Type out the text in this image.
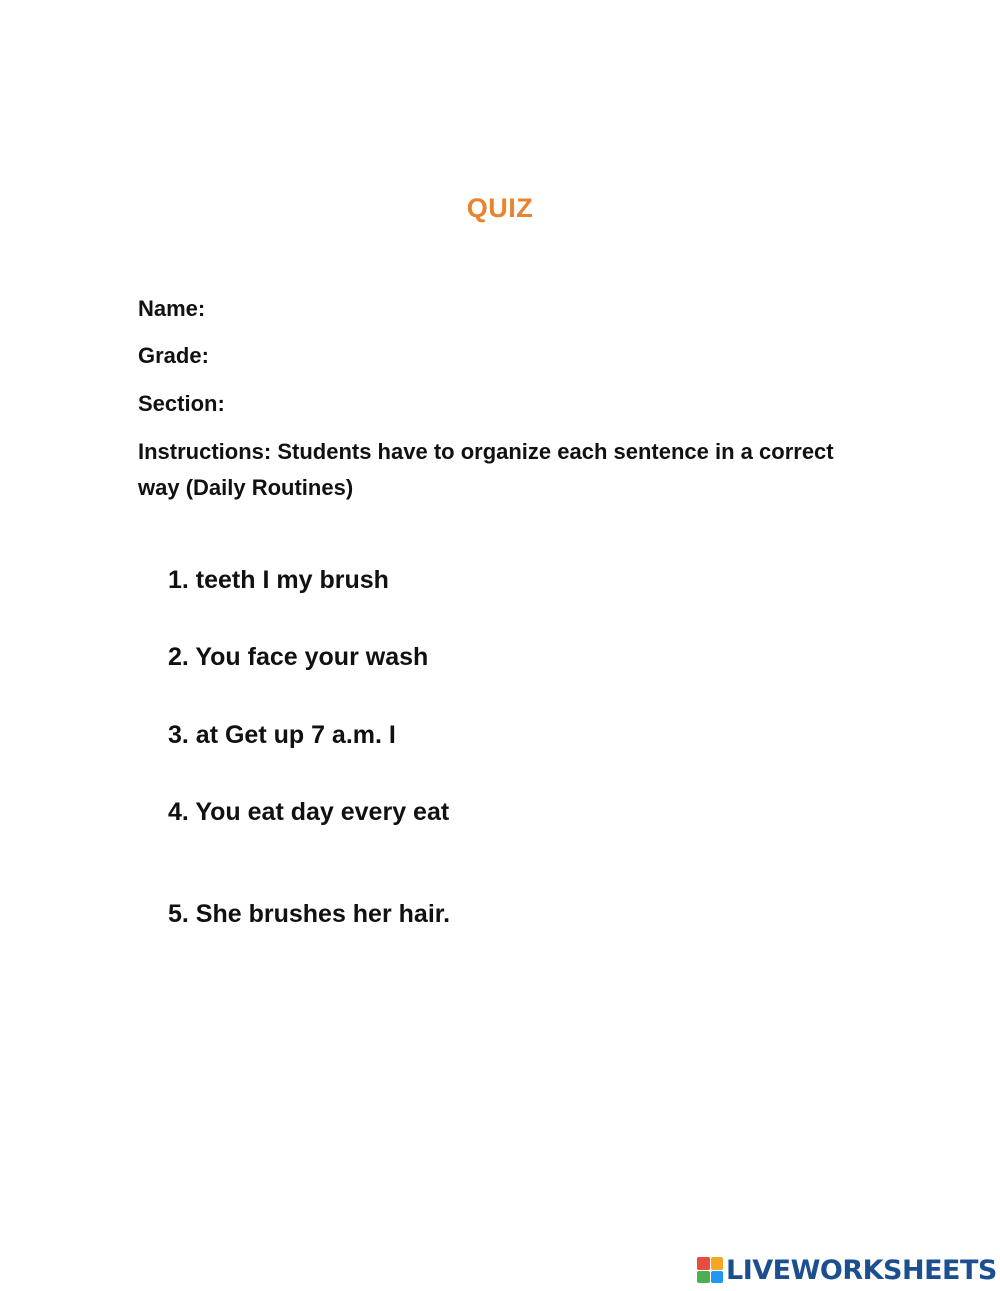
QUIZ
Name:
Grade:
Section:
Instructions: Students have to organize each sentence in a correct way (Daily Routines)
1. teeth I my brush
2. You face your wash
3. at Get up 7 a.m. I
4. You eat day every eat
5. She brushes her hair.
LIVEWORKSHEETS
